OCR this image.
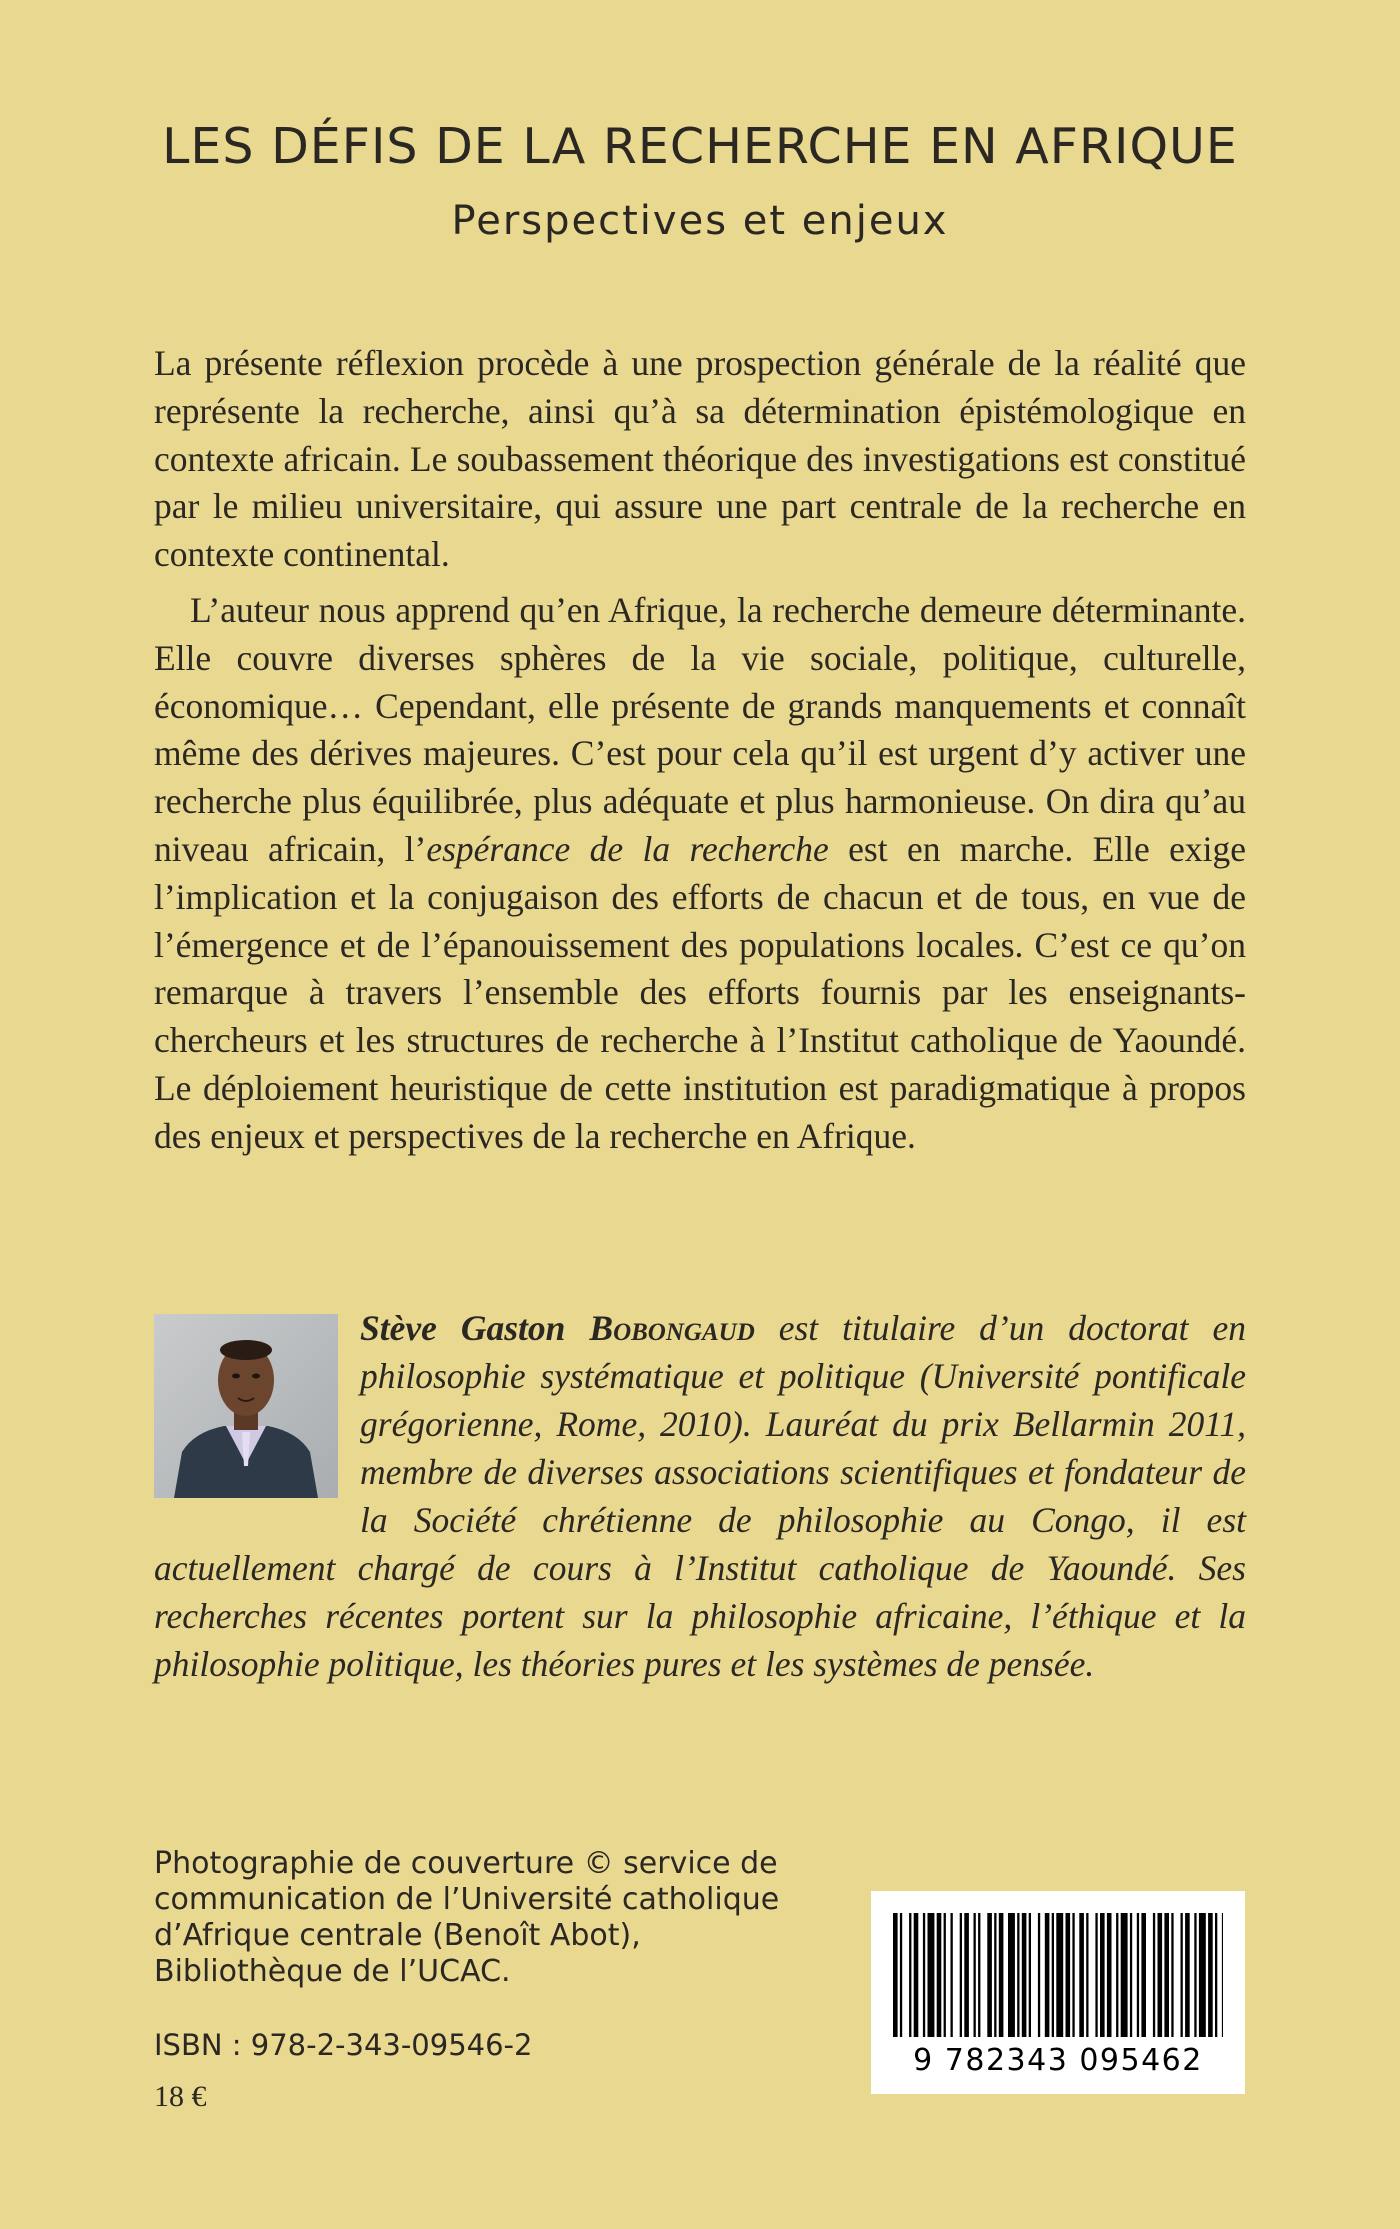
LES DÉFIS DE LA RECHERCHE EN AFRIQUE
Perspectives et enjeux

La présente réflexion procède à une prospection générale de la réalité que représente la recherche, ainsi qu’à sa détermination épistémologique en contexte africain. Le soubassement théorique des investigations est constitué par le milieu universitaire, qui assure une part centrale de la recherche en contexte continental.

L’auteur nous apprend qu’en Afrique, la recherche demeure déterminante. Elle couvre diverses sphères de la vie sociale, politique, culturelle, économique… Cependant, elle présente de grands manquements et connaît même des dérives majeures. C’est pour cela qu’il est urgent d’y activer une recherche plus équilibrée, plus adéquate et plus harmonieuse. On dira qu’au niveau africain, l’espérance de la recherche est en marche. Elle exige l’implication et la conjugaison des efforts de chacun et de tous, en vue de l’émergence et de l’épanouissement des populations locales. C’est ce qu’on remarque à travers l’ensemble des efforts fournis par les enseignants-chercheurs et les structures de recherche à l’Institut catholique de Yaoundé. Le déploiement heuristique de cette institution est paradigmatique à propos des enjeux et perspectives de la recherche en Afrique.

Stève Gaston Bobongaud est titulaire d’un doctorat en philosophie systématique et politique (Université pontificale grégorienne, Rome, 2010). Lauréat du prix Bellarmin 2011, membre de diverses associations scientifiques et fondateur de la Société chrétienne de philosophie au Congo, il est actuellement chargé de cours à l’Institut catholique de Yaoundé. Ses recherches récentes portent sur la philosophie africaine, l’éthique et la philosophie politique, les théories pures et les systèmes de pensée.

Photographie de couverture © service de

communication de l’Université catholique

d’Afrique centrale (Benoît Abot),

Bibliothèque de l’UCAC.

ISBN : 978-2-343-09546-2
18 €
9 782343 095462
